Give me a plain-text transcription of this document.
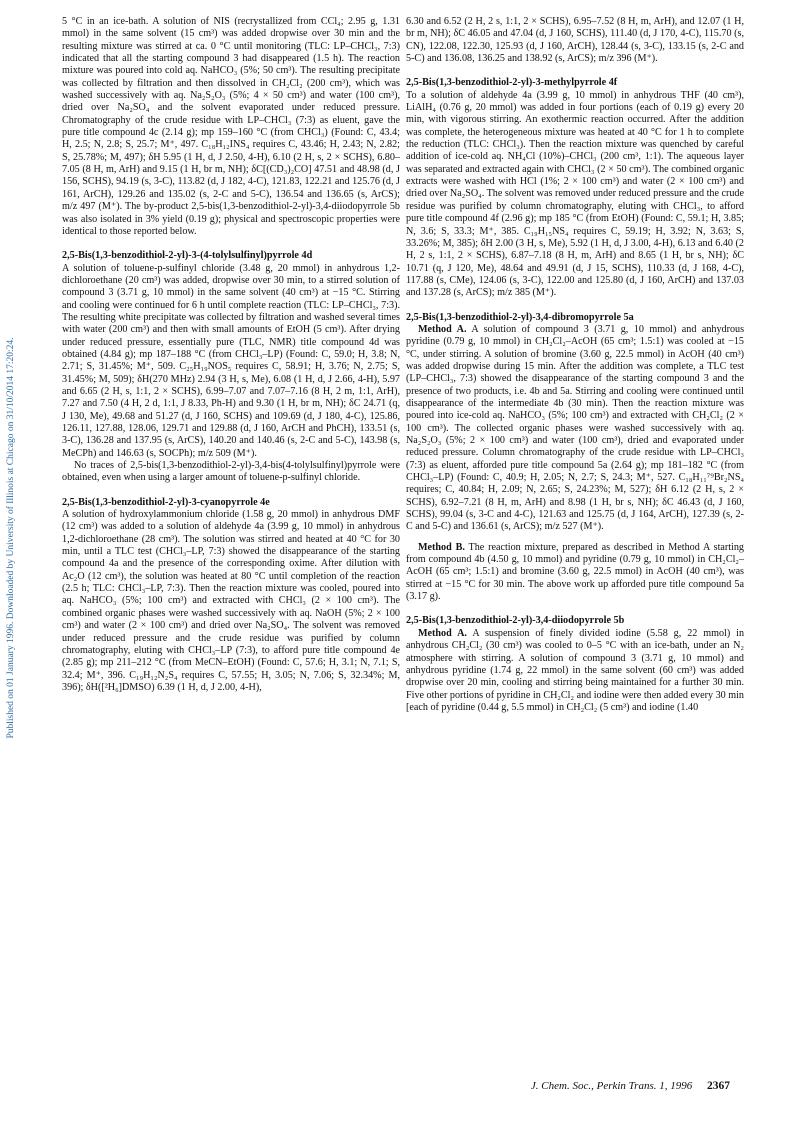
Published on 01 January 1996. Downloaded by University of Illinois at Chicago on 31/10/2014 17:20:24.

5 °C in an ice-bath. A solution of NIS (recrystallized from CCl₄; 2.95 g, 1.31 mmol) in the same solvent (15 cm³) was added dropwise over 30 min and the resulting mixture was stirred at ca. 0 °C until monitoring (TLC: LP–CHCl₃, 7:3) indicated that all the starting compound 3 had disappeared (1.5 h). The reaction mixture was poured into cold aq. NaHCO₃ (5%; 50 cm³). The resulting precipitate was collected by filtration and then dissolved in CH₂Cl₂ (200 cm³), which was washed successively with aq. Na₂S₂O₃ (5%; 4 × 50 cm³) and water (100 cm³), dried over Na₂SO₄ and the solvent evaporated under reduced pressure. Chromatography of the crude residue with LP–CHCl₃ (7:3) as eluent, gave the pure title compound 4c (2.14 g); mp 159–160 °C (from CHCl₃) (Found: C, 43.4; H, 2.5; N, 2.8; S, 25.7; M⁺, 497. C₁₈H₁₂INS₄ requires C, 43.46; H, 2.43; N, 2.82; S, 25.78%; M, 497); δH 5.95 (1 H, d, J 2.50, 4-H), 6.10 (2 H, s, 2 × SCHS), 6.80–7.05 (8 H, m, ArH) and 9.15 (1 H, br m, NH); δC[(CD₃)₂CO] 47.51 and 48.98 (d, J 156, SCHS), 94.19 (s, 3-C), 113.82 (d, J 182, 4-C), 121.83, 122.21 and 125.76 (d, J 161, ArCH), 129.26 and 135.02 (s, 2-C and 5-C), 136.54 and 136.65 (s, ArCS); m/z 497 (M⁺). The by-product 2,5-bis(1,3-benzodithiol-2-yl)-3,4-diiodopyrrole 5b was also isolated in 3% yield (0.19 g); physical and spectroscopic properties were identical to those reported below.

2,5-Bis(1,3-benzodithiol-2-yl)-3-(4-tolylsulfinyl)pyrrole 4d

A solution of toluene-p-sulfinyl chloride (3.48 g, 20 mmol) in anhydrous 1,2-dichloroethane (20 cm³) was added, dropwise over 30 min, to a stirred solution of compound 3 (3.71 g, 10 mmol) in the same solvent (40 cm³) at −15 °C. Stirring and cooling were continued for 6 h until complete reaction (TLC: LP–CHCl₃, 7:3). The resulting white precipitate was collected by filtration and washed several times with water (200 cm³) and then with small amounts of EtOH (5 cm³). After drying under reduced pressure, essentially pure (TLC, NMR) title compound 4d was obtained (4.84 g); mp 187–188 °C (from CHCl₃–LP) (Found: C, 59.0; H, 3.8; N, 2.71; S, 31.45%; M⁺, 509. C₂₅H₁₉NOS₅ requires C, 58.91; H, 3.76; N, 2.75; S, 31.45%; M, 509); δH(270 MHz) 2.94 (3 H, s, Me), 6.08 (1 H, d, J 2.66, 4-H), 5.97 and 6.65 (2 H, s, 1:1, 2 × SCHS), 6.99–7.07 and 7.07–7.16 (8 H, 2 m, 1:1, ArH), 7.27 and 7.50 (4 H, 2 d, 1:1, J 8.33, Ph-H) and 9.30 (1 H, br m, NH); δC 24.71 (q, J 130, Me), 49.68 and 51.27 (d, J 160, SCHS) and 109.69 (d, J 180, 4-C), 125.86, 126.11, 127.88, 128.06, 129.71 and 129.88 (d, J 160, ArCH and PhCH), 133.51 (s, 3-C), 136.28 and 137.95 (s, ArCS), 140.20 and 140.46 (s, 2-C and 5-C), 143.98 (s, MeCPh) and 146.63 (s, SOCPh); m/z 509 (M⁺).

No traces of 2,5-bis(1,3-benzodithiol-2-yl)-3,4-bis(4-tolylsulfinyl)pyrrole were obtained, even when using a larger amount of toluene-p-sulfinyl chloride.

2,5-Bis(1,3-benzodithiol-2-yl)-3-cyanopyrrole 4e

A solution of hydroxylammonium chloride (1.58 g, 20 mmol) in anhydrous DMF (12 cm³) was added to a solution of aldehyde 4a (3.99 g, 10 mmol) in anhydrous 1,2-dichloroethane (28 cm³). The solution was stirred and heated at 40 °C for 30 min, until a TLC test (CHCl₃–LP, 7:3) showed the disappearance of the starting compound 4a and the presence of the corresponding oxime. After dilution with Ac₂O (12 cm³), the solution was heated at 80 °C until completion of the reaction (2.5 h; TLC: CHCl₃–LP, 7:3). Then the reaction mixture was cooled, poured into aq. NaHCO₃ (5%; 100 cm³) and extracted with CHCl₃ (2 × 100 cm³). The combined organic phases were washed successively with aq. NaOH (5%; 2 × 100 cm³) and water (2 × 100 cm³) and dried over Na₂SO₄. The solvent was removed under reduced pressure and the crude residue was purified by column chromatography, eluting with CHCl₃–LP (7:3), to afford pure title compound 4e (2.85 g); mp 211–212 °C (from MeCN–EtOH) (Found: C, 57.6; H, 3.1; N, 7.1; S, 32.4; M⁺, 396. C₁₉H₁₂N₂S₄ requires C, 57.55; H, 3.05; N, 7.06; S, 32.34%; M, 396); δH([²H₆]DMSO) 6.39 (1 H, d, J 2.00, 4-H),

6.30 and 6.52 (2 H, 2 s, 1:1, 2 × SCHS), 6.95–7.52 (8 H, m, ArH), and 12.07 (1 H, br m, NH); δC 46.05 and 47.04 (d, J 160, SCHS), 111.40 (d, J 170, 4-C), 115.70 (s, CN), 122.08, 122.30, 125.93 (d, J 160, ArCH), 128.44 (s, 3-C), 133.15 (s, 2-C and 5-C) and 136.08, 136.25 and 138.92 (s, ArCS); m/z 396 (M⁺).

2,5-Bis(1,3-benzodithiol-2-yl)-3-methylpyrrole 4f

To a solution of aldehyde 4a (3.99 g, 10 mmol) in anhydrous THF (40 cm³), LiAlH₄ (0.76 g, 20 mmol) was added in four portions (each of 0.19 g) every 20 min, with vigorous stirring. An exothermic reaction occurred. After the addition was complete, the heterogeneous mixture was heated at 40 °C for 1 h to complete the reduction (TLC: CHCl₃). Then the reaction mixture was quenched by careful addition of ice-cold aq. NH₄Cl (10%)–CHCl₃ (200 cm³, 1:1). The aqueous layer was separated and extracted again with CHCl₃ (2 × 50 cm³). The combined organic extracts were washed with HCl (1%; 2 × 100 cm³) and water (2 × 100 cm³) and dried over Na₂SO₄. The solvent was removed under reduced pressure and the crude residue was purified by column chromatography, eluting with CHCl₃, to afford pure title compound 4f (2.96 g); mp 185 °C (from EtOH) (Found: C, 59.1; H, 3.85; N, 3.6; S, 33.3; M⁺, 385. C₁₉H₁₅NS₄ requires C, 59.19; H, 3.92; N, 3.63; S, 33.26%; M, 385); δH 2.00 (3 H, s, Me), 5.92 (1 H, d, J 3.00, 4-H), 6.13 and 6.40 (2 H, 2 s, 1:1, 2 × SCHS), 6.87–7.18 (8 H, m, ArH) and 8.65 (1 H, br s, NH); δC 10.71 (q, J 120, Me), 48.64 and 49.91 (d, J 15, SCHS), 110.33 (d, J 168, 4-C), 117.88 (s, CMe), 124.06 (s, 3-C), 122.00 and 125.80 (d, J 160, ArCH) and 137.03 and 137.28 (s, ArCS); m/z 385 (M⁺).

2,5-Bis(1,3-benzodithiol-2-yl)-3,4-dibromopyrrole 5a

Method A. A solution of compound 3 (3.71 g, 10 mmol) and anhydrous pyridine (0.79 g, 10 mmol) in CH₂Cl₂–AcOH (65 cm³; 1.5:1) was cooled at −15 °C, under stirring. A solution of bromine (3.60 g, 22.5 mmol) in AcOH (40 cm³) was added dropwise during 15 min. After the addition was complete, a TLC test (LP–CHCl₃, 7:3) showed the disappearance of the starting compound 3 and the presence of two products, i.e. 4b and 5a. Stirring and cooling were continued until disappearance of the intermediate 4b (30 min). Then the reaction mixture was poured into ice-cold aq. NaHCO₃ (5%; 100 cm³) and extracted with CH₂Cl₂ (2 × 100 cm³). The collected organic phases were washed successively with aq. Na₂S₂O₃ (5%; 2 × 100 cm³) and water (100 cm³), dried and evaporated under reduced pressure. Column chromatography of the crude residue with LP–CHCl₃ (7:3) as eluent, afforded pure title compound 5a (2.64 g); mp 181–182 °C (from CHCl₃–LP) (Found: C, 40.9; H, 2.05; N, 2.7; S, 24.3; M⁺, 527. C₁₈H₁₁⁷⁹Br₂NS₄ requires; C, 40.84; H, 2.09; N, 2.65; S, 24.23%; M, 527); δH 6.12 (2 H, s, 2 × SCHS), 6.92–7.21 (8 H, m, ArH) and 8.98 (1 H, br s, NH); δC 46.43 (d, J 160, SCHS), 99.04 (s, 3-C and 4-C), 121.63 and 125.75 (d, J 164, ArCH), 127.39 (s, 2-C and 5-C) and 136.61 (s, ArCS); m/z 527 (M⁺).

Method B. The reaction mixture, prepared as described in Method A starting from compound 4b (4.50 g, 10 mmol) and pyridine (0.79 g, 10 mmol) in CH₂Cl₂–AcOH (65 cm³; 1.5:1) and bromine (3.60 g, 22.5 mmol) in AcOH (40 cm³), was stirred at −15 °C for 30 min. The above work up afforded pure title compound 5a (3.17 g).

2,5-Bis(1,3-benzodithiol-2-yl)-3,4-diiodopyrrole 5b

Method A. A suspension of finely divided iodine (5.58 g, 22 mmol) in anhydrous CH₂Cl₂ (30 cm³) was cooled to 0–5 °C with an ice-bath, under an N₂ atmosphere with stirring. A solution of compound 3 (3.71 g, 10 mmol) and anhydrous pyridine (1.74 g, 22 mmol) in the same solvent (60 cm³) was added dropwise over 20 min, cooling and stirring being maintained for a further 30 min. Five other portions of pyridine in CH₂Cl₂ and iodine were then added every 30 min [each of pyridine (0.44 g, 5.5 mmol) in CH₂Cl₂ (5 cm³) and iodine (1.40

J. Chem. Soc., Perkin Trans. 1, 1996 2367
